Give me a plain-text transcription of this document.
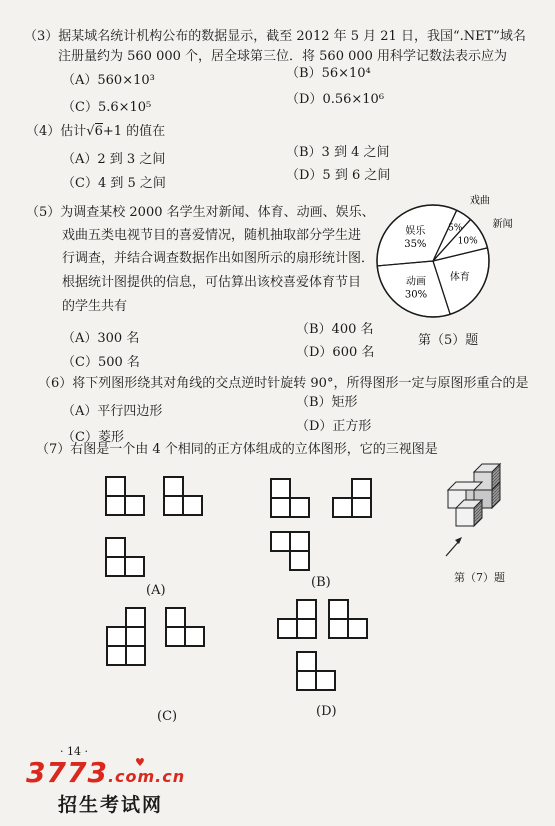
（3）据某域名统计机构公布的数据显示，截至 2012 年 5 月 21 日，我国“.NET”域名
注册量约为 560 000 个，居全球第三位．将 560 000 用科学记数法表示应为
（A）560×10³	（B）56×10⁴
（C）5.6×10⁵
（D）0.56×10⁶
（4）估计√6+1 的值在
（A）2 到 3 之间	（B）3 到 4 之间
（C）4 到 5 之间
（D）5 到 6 之间
（5）为调查某校 2000 名学生对新闻、体育、动画、娱乐、
戏曲五类电视节目的喜爱情况，随机抽取部分学生进
行调查，并结合调查数据作出如图所示的扇形统计图．
根据统计图提供的信息，可估算出该校喜爱体育节目
的学生共有
（A）300 名
（B）400 名
（C）500 名
（D）600 名
娱乐
35%
5%
戏曲
10%
新闻
体育
动画
30%
第（5）题
（6）将下列图形绕其对角线的交点逆时针旋转 90°，所得图形一定与原图形重合的是
（A）平行四边形
（B）矩形
（C）菱形
（D）正方形
（7）右图是一个由 4 个相同的正方体组成的立体图形，它的三视图是
(A)
(B)
(C)	(D)
第（7）题
· 14 ·
3773.com.cn
♥
招生考试网
